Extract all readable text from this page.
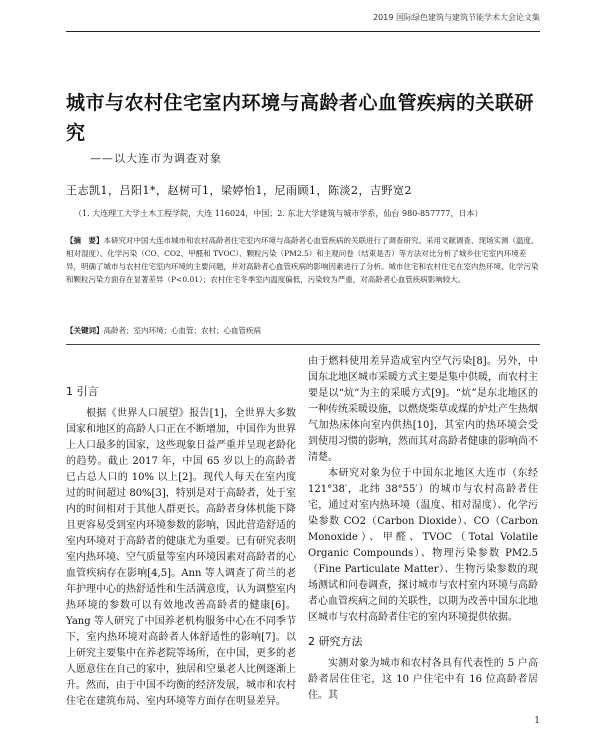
2019 国际绿色建筑与建筑节能学术大会论文集
城市与农村住宅室内环境与高龄者心血管疾病的关联研究
——以大连市为调查对象
王志凯1，吕阳1*，赵树可1，梁婷怡1，尼雨顾1，陈淡2，吉野宽2
（1. 大连理工大学土木工程学院，大连 116024，中国；2. 东北大学建筑与城市学系，仙台 980-857777，日本）
【摘　要】本研究对中国大连市城市和农村高龄者住宅室内环境与高龄者心血管疾病的关联进行了调查研究。采用文献调查、现场实测（温度、相对湿度）、化学污染（CO、CO2、甲醛和 TVOC）、颗粒污染（PM2.5）和主观问卷（结束是否）等方法对比分析了城乡住宅室内环境差异，明确了城市与农村住宅室内环境的主要问题，并对高龄者心血管疾病的影响因素进行了分析。城市住宅和农村住宅在室内热环境、化学污染和颗粒污染方面存在显著差异（P<0.01）；农村住宅冬季室内温度偏低，污染较为严重，对高龄者心血管疾病影响较大。
【关键词】高龄者；室内环境；心血管；农村；心血管疾病
1 引言

根据《世界人口展望》报告[1]，全世界大多数国家和地区的高龄人口正在不断增加，中国作为世界上人口最多的国家，这些现象日益严重并呈现老龄化的趋势。截止 2017 年，中国 65 岁以上的高龄者已占总人口的 10% 以上[2]。现代人每天在室内度过的时间超过 80%[3]，特别是对于高龄者，处于室内的时间相对于其他人群更长。高龄者身体机能下降且更容易受到室内环境参数的影响，因此营造舒适的室内环境对于高龄者的健康尤为重要。已有研究表明室内热环境、空气质量等室内环境因素对高龄者的心血管疾病存在影响[4,5]。Ann 等人调查了荷兰的老年护理中心的热舒适性和生活满意度，认为调整室内热环境的参数可以有效地改善高龄者的健康[6]。Yang 等人研究了中国养老机构服务中心在不同季节下，室内热环境对高龄者人体舒适性的影响[7]。以上研究主要集中在养老院等场所，在中国，更多的老人愿意住在自己的家中，独居和空巢老人比例逐渐上升。然而，由于中国不均衡的经济发展，城市和农村住宅在建筑布局、室内环境等方面存在明显差异。

由于燃料使用差异造成室内空气污染[8]。另外，中国东北地区城市采暖方式主要是集中供暖，而农村主要是以“炕”为主的采暖方式[9]。“炕”是东北地区的一种传统采暖设施，以燃烧柴草或煤的炉灶产生热烟气加热床体向室内供热[10]，其室内的热环境会受到使用习惯的影响，然而其对高龄者健康的影响尚不清楚。

本研究对象为位于中国东北地区大连市（东经 121°38′，北纬 38°55′）的城市与农村高龄者住宅，通过对室内热环境（温度、相对湿度）、化学污染参数 CO2（Carbon Dioxide）、CO（Carbon Monoxide）、甲醛、TVOC（Total Volatile Organic Compounds）、物理污染参数 PM2.5（Fine Particulate Matter）、生物污染参数的现场测试和问卷调查，探讨城市与农村室内环境与高龄者心血管疾病之间的关联性，以期为改善中国东北地区城市与农村高龄者住宅的室内环境提供依据。

2 研究方法

实测对象为城市和农村各具有代表性的 5 户高龄者居住住宅，这 10 户住宅中有 16 位高龄者居住。其

1
